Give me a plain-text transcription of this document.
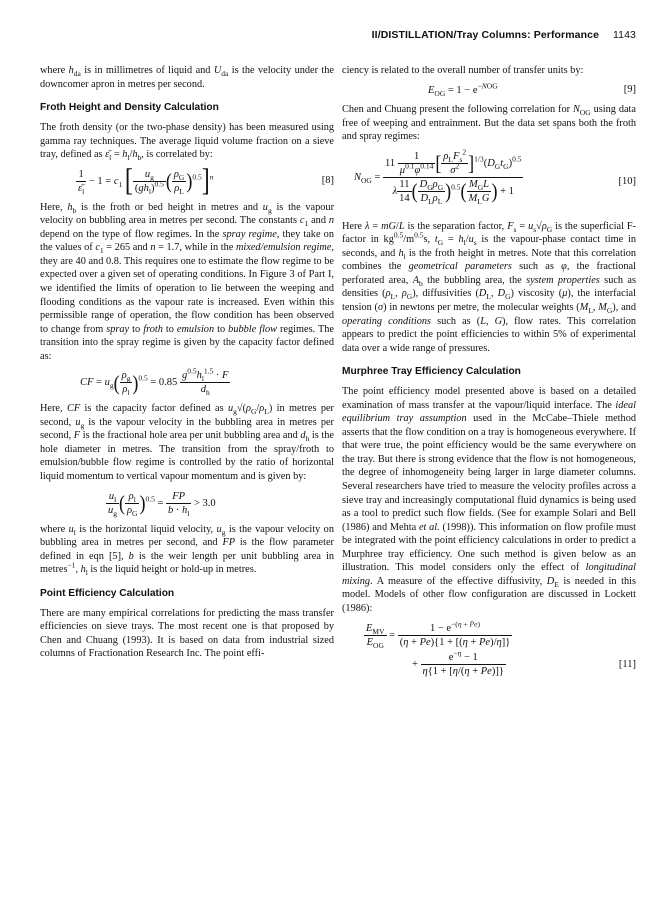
II/DISTILLATION/Tray Columns: Performance 1143

where $h_{da}$ is in millimetres of liquid and $U_{da}$ is the velocity under the downcomer apron in metres per second.

Froth Height and Density Calculation

The froth density (or the two-phase density) has been measured using gamma ray techniques. The average liquid volume fraction on a sieve tray, defined as $\varepsilon̄_l = h_l/h_b$, is correlated by:

$\frac{1}{\varepsilon̄_l} - 1 = c_1$ [ $\frac{u_g}{(gh_l)^{0.5}}$ ( $\frac{\rho_G}{\rho_L} )^{0.5}]^n$	[8]

Here, $h_b$ is the froth or bed height in metres and $u_g$ is the vapour velocity on bubbling area in metres per second. The constants $c_1$ and n depend on the type of flow regimes. In the spray regime, they take on the values of $c_1 = 265$ and n = 1.7, while in the mixed/emulsion regime, they are 40 and 0.8. This requires one to estimate the flow regime to be expected over a given set of operating conditions. In Figure 3 of Part I, we identified the limits of operation to lie between the weeping and flooding conditions as the vapour rate is increased. Even within this permissible range of operation, the flow condition has been observed to change from spray to froth to emulsion to bubble flow regimes. The transition into the spray regime is given by the capacity factor defined as:

CF = $u_g( \frac{\rho_g}{\rho_l} )^{0.5} = 0.85 \frac{g^{0.5}h_l^{1.5} \cdot F}{d_h}$

Here, CF is the capacity factor defined as $u_g√(\rho_G/\rho_L)$ in metres per second, $u_g$ is the vapour velocity in the bubbling area in metres per second, F is the fractional hole area per unit bubbling area and $d_h$ is the hole diameter in metres. The transition from the spray/froth to emulsion/bubble flow regime is controlled by the ratio of horizontal liquid momentum to vertical vapour momentum and is given by:

$\frac{u_l}{u_g}$ ( $\frac{\rho_l}{\rho_G} )^{0.5} = \frac{FP}{b \cdot h_l} > 3.0$

where $u_l$ is the horizontal liquid velocity, $u_g$ is the vapour velocity on bubbling area in metres per second, and FP is the flow parameter defined in eqn [5], b is the weir length per unit bubbling area in metres$^{-1}$, $h_l$ is the liquid height or hold-up in metres.

Point Efficiency Calculation

There are many empirical correlations for predicting the mass transfer efficiencies on sieve trays. The most recent one is that proposed by Chen and Chuang (1993). It is based on data from industrial sized columns of Fractionation Research Inc. The point effi-

ciency is related to the overall number of transfer units by:

$E_{OG} = 1 - e^{-NOG}$	[9]

Chen and Chuang present the following correlation for $N_{OG}$ using data free of weeping and entrainment. But the data set spans both the froth and spray regimes:

$N_{OG} = \frac{11 \frac{1}{\mu^{0.1}\varphi^{0.14}} [ \frac{\rho_LF_s^2}{\sigma^2} ]^{1/3}(D_Gt_G)^{0.5}}{\lambda \frac{11}{14} ( \frac{D_G\rho_G}{D_L\rho_L} )^{0.5}( \frac{M_GL}{M_LG} ) + 1}$	[10]

Here λ = mG/L is the separation factor, $F_s = u_s√\rho_G$ is the superficial F-factor in $kg^{0.5}/m^{0.5}s$, $t_G = h_l/u_s$ is the vapour-phase contact time in seconds, and $h_l$ is the froth height in metres. Note that this correlation combines the geometrical parameters such as φ, the fractional perforated area, $A_b$ the bubbling area, the system properties such as densities ($\rho_L$, $\rho_G$), diffusivities ($D_L$, $D_G$) viscosity (μ), the interfacial tension (σ) in newtons per metre, the molecular weights ($M_L$, $M_G$), and operating conditions such as (L, G), flow rates. This correlation appears to predict the point efficiencies to within 5% of experimental data over a wide range of pressures.

Murphree Tray Efficiency Calculation

The point efficiency model presented above is based on a detailed examination of mass transfer at the vapour/liquid interface. The ideal equilibrium tray assumption used in the McCabe–Thiele method asserts that the flow condition on a tray is homogeneous everywhere. If that were true, the point efficiency would be the same everywhere on the tray. But there is strong evidence that the flow is not homogeneous, the degree of inhomogeneity being larger in large diameter columns. Several researchers have tried to measure the velocity profiles across a sieve tray and increasingly computational fluid dynamics is being used as a tool to predict such flow fields. (See for example Solari and Bell (1986) and Mehta et al. (1998)). This information on flow profile must be integrated with the point efficiency calculations in order to predict a Murphree tray efficiency. One such method is given below as an illustration. This model considers only the effect of longitudinal mixing. A measure of the effective diffusivity, $D_E$ is needed in this model. Models of other flow configuration are discussed in Lockett (1986):

$\frac{E_{MV}}{E_{OG}} = \frac{1 - e^{-(\eta + Pe)}}{(\eta + Pe)\{1 + [(\eta + Pe)/\eta]\}}$
+ $\frac{e^{-\eta} - 1}{\eta\{1 + [\eta/(\eta + Pe)]\}}$	[11]
